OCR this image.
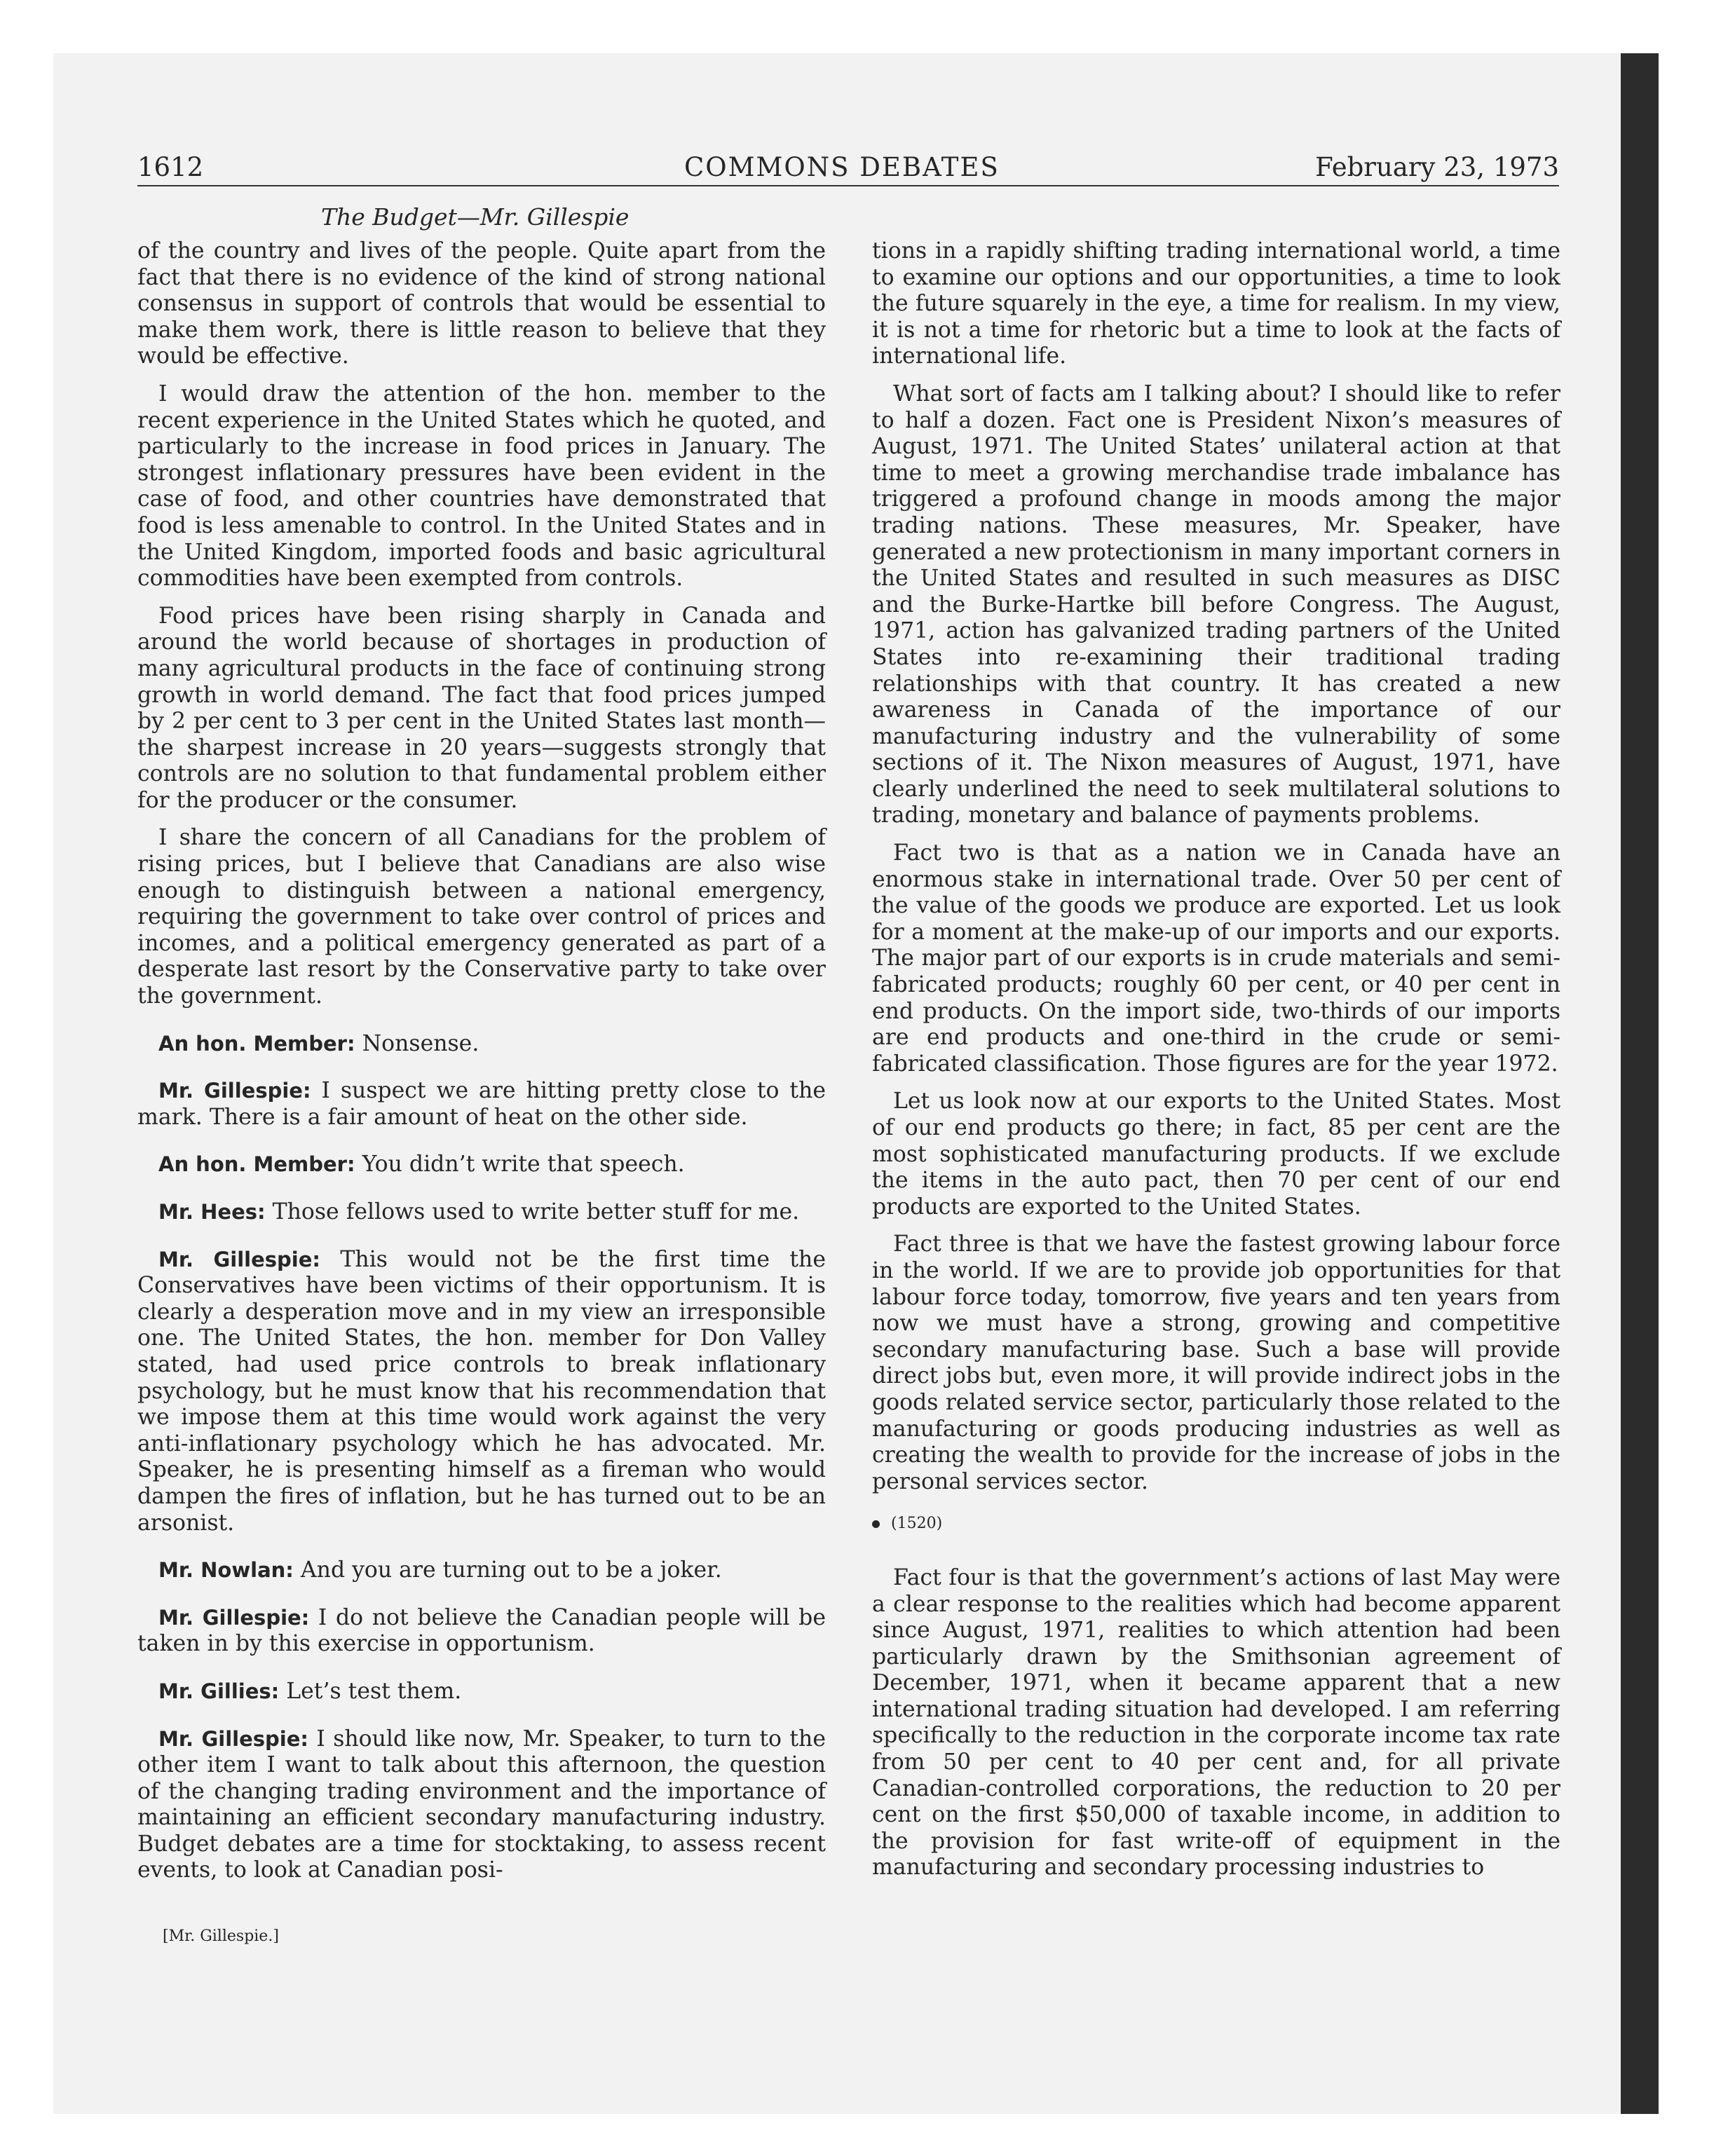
1612	COMMONS DEBATES	February 23, 1973
The Budget—Mr. Gillespie

of the country and lives of the people. Quite apart from the fact that there is no evidence of the kind of strong national consensus in support of controls that would be essential to make them work, there is little reason to believe that they would be effective.

I would draw the attention of the hon. member to the recent experience in the United States which he quoted, and particularly to the increase in food prices in January. The strongest inflationary pressures have been evident in the case of food, and other countries have demonstrated that food is less amenable to control. In the United States and in the United Kingdom, imported foods and basic agricultural commodities have been exempted from controls.

Food prices have been rising sharply in Canada and around the world because of shortages in production of many agricultural products in the face of continuing strong growth in world demand. The fact that food prices jumped by 2 per cent to 3 per cent in the United States last month—the sharpest increase in 20 years—suggests strongly that controls are no solution to that fundamental problem either for the producer or the consumer.

I share the concern of all Canadians for the problem of rising prices, but I believe that Canadians are also wise enough to distinguish between a national emergency, requiring the government to take over control of prices and incomes, and a political emergency generated as part of a desperate last resort by the Conservative party to take over the government.

An hon. Member: Nonsense.

Mr. Gillespie: I suspect we are hitting pretty close to the mark. There is a fair amount of heat on the other side.

An hon. Member: You didn’t write that speech.

Mr. Hees: Those fellows used to write better stuff for me.

Mr. Gillespie: This would not be the first time the Conservatives have been victims of their opportunism. It is clearly a desperation move and in my view an irresponsible one. The United States, the hon. member for Don Valley stated, had used price controls to break inflationary psychology, but he must know that his recommendation that we impose them at this time would work against the very anti-inflationary psychology which he has advocated. Mr. Speaker, he is presenting himself as a fireman who would dampen the fires of inflation, but he has turned out to be an arsonist.

Mr. Nowlan: And you are turning out to be a joker.

Mr. Gillespie: I do not believe the Canadian people will be taken in by this exercise in opportunism.

Mr. Gillies: Let’s test them.

Mr. Gillespie: I should like now, Mr. Speaker, to turn to the other item I want to talk about this afternoon, the question of the changing trading environment and the importance of maintaining an efficient secondary manufacturing industry. Budget debates are a time for stocktaking, to assess recent events, to look at Canadian posi-

[Mr. Gillespie.]

tions in a rapidly shifting trading international world, a time to examine our options and our opportunities, a time to look the future squarely in the eye, a time for realism. In my view, it is not a time for rhetoric but a time to look at the facts of international life.

What sort of facts am I talking about? I should like to refer to half a dozen. Fact one is President Nixon’s measures of August, 1971. The United States’ unilateral action at that time to meet a growing merchandise trade imbalance has triggered a profound change in moods among the major trading nations. These measures, Mr. Speaker, have generated a new protectionism in many important corners in the United States and resulted in such measures as DISC and the Burke-Hartke bill before Congress. The August, 1971, action has galvanized trading partners of the United States into re-examining their traditional trading relationships with that country. It has created a new awareness in Canada of the importance of our manufacturing industry and the vulnerability of some sections of it. The Nixon measures of August, 1971, have clearly underlined the need to seek multilateral solutions to trading, monetary and balance of payments problems.

Fact two is that as a nation we in Canada have an enormous stake in international trade. Over 50 per cent of the value of the goods we produce are exported. Let us look for a moment at the make-up of our imports and our exports. The major part of our exports is in crude materials and semi-fabricated products; roughly 60 per cent, or 40 per cent in end products. On the import side, two-thirds of our imports are end products and one-third in the crude or semi-fabricated classification. Those figures are for the year 1972.

Let us look now at our exports to the United States. Most of our end products go there; in fact, 85 per cent are the most sophisticated manufacturing products. If we exclude the items in the auto pact, then 70 per cent of our end products are exported to the United States.

Fact three is that we have the fastest growing labour force in the world. If we are to provide job opportunities for that labour force today, tomorrow, five years and ten years from now we must have a strong, growing and competitive secondary manufacturing base. Such a base will provide direct jobs but, even more, it will provide indirect jobs in the goods related service sector, particularly those related to the manufacturing or goods producing industries as well as creating the wealth to provide for the increase of jobs in the personal services sector.

(1520)

Fact four is that the government’s actions of last May were a clear response to the realities which had become apparent since August, 1971, realities to which attention had been particularly drawn by the Smithsonian agreement of December, 1971, when it became apparent that a new international trading situation had developed. I am referring specifically to the reduction in the corporate income tax rate from 50 per cent to 40 per cent and, for all private Canadian-controlled corporations, the reduction to 20 per cent on the first $50,000 of taxable income, in addition to the provision for fast write-off of equipment in the manufacturing and secondary processing industries to
